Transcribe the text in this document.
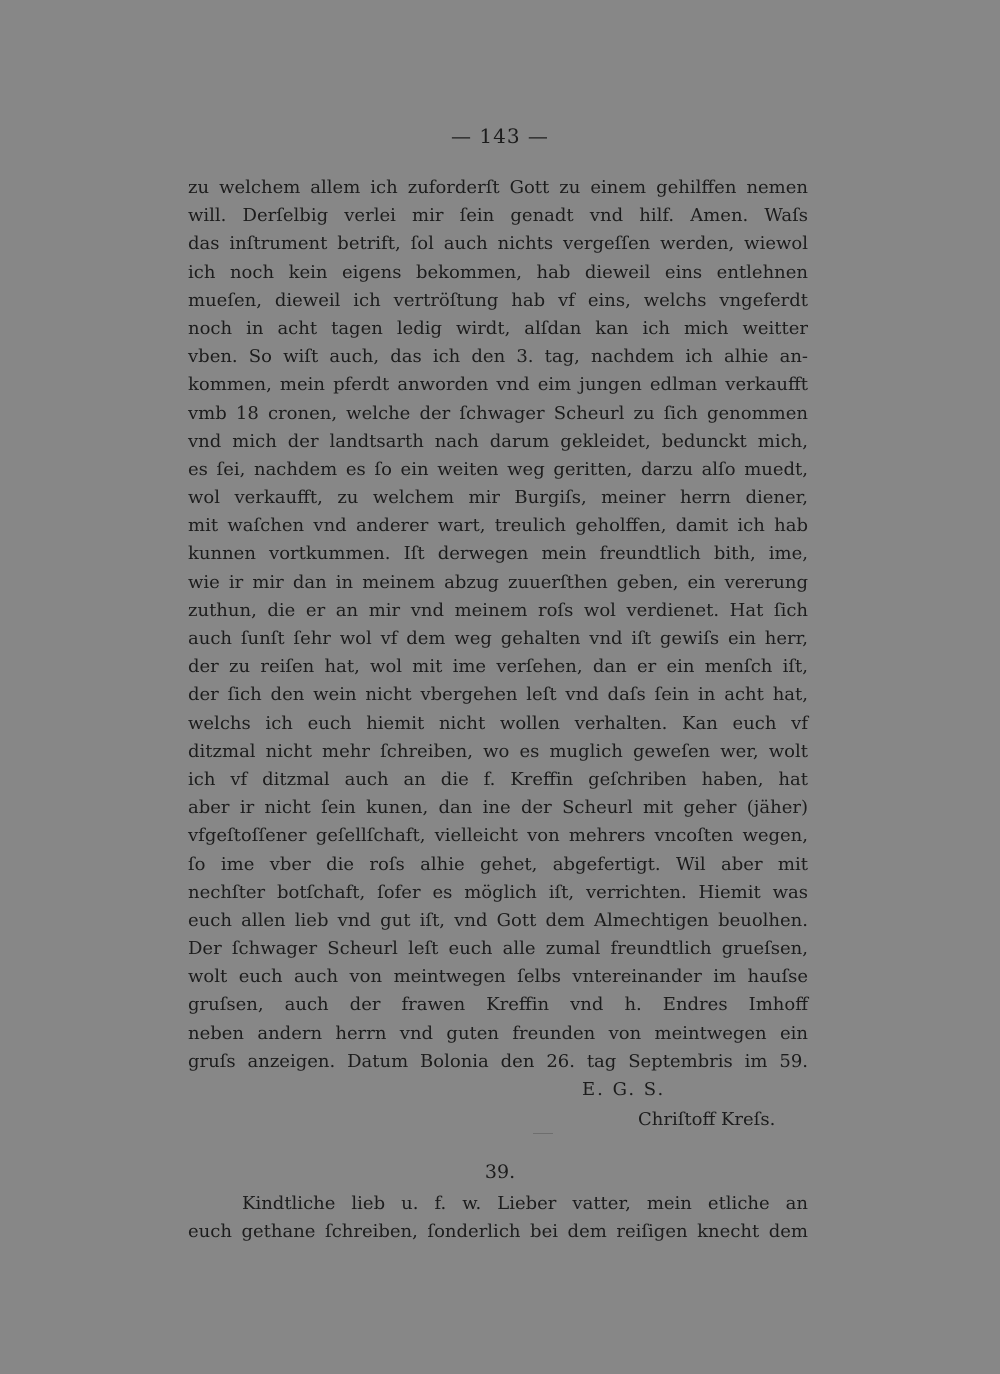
— 143 —
zu welchem allem ich zuforderſt Gott zu einem gehilffen nemen
will. Derſelbig verlei mir ſein genadt vnd hilf. Amen. Waſs
das inſtrument betrift, ſol auch nichts vergeſſen werden, wiewol
ich noch kein eigens bekommen, hab dieweil eins entlehnen
mueſen, dieweil ich vertröſtung hab vf eins, welchs vngeferdt
noch in acht tagen ledig wirdt, alſdan kan ich mich weitter
vben. So wiſt auch, das ich den 3. tag, nachdem ich alhie an-
kommen, mein pferdt anworden vnd eim jungen edlman verkaufft
vmb 18 cronen, welche der ſchwager Scheurl zu ſich genommen
vnd mich der landtsarth nach darum gekleidet, bedunckt mich,
es ſei, nachdem es ſo ein weiten weg geritten, darzu alſo muedt,
wol verkaufft, zu welchem mir Burgiſs, meiner herrn diener,
mit waſchen vnd anderer wart, treulich geholffen, damit ich hab
kunnen vortkummen. Iſt derwegen mein freundtlich bith, ime,
wie ir mir dan in meinem abzug zuuerſthen geben, ein vererung
zuthun, die er an mir vnd meinem roſs wol verdienet. Hat ſich
auch ſunſt ſehr wol vf dem weg gehalten vnd iſt gewiſs ein herr,
der zu reiſen hat, wol mit ime verſehen, dan er ein menſch iſt,
der ſich den wein nicht vbergehen leſt vnd daſs ſein in acht hat,
welchs ich euch hiemit nicht wollen verhalten. Kan euch vf
ditzmal nicht mehr ſchreiben, wo es muglich geweſen wer, wolt
ich vf ditzmal auch an die f. Kreffin geſchriben haben, hat
aber ir nicht ſein kunen, dan ine der Scheurl mit geher (jäher)
vfgeſtoſſener geſellſchaft, vielleicht von mehrers vncoſten wegen,
ſo ime vber die roſs alhie gehet, abgefertigt. Wil aber mit
nechſter botſchaft, ſofer es möglich iſt, verrichten. Hiemit was
euch allen lieb vnd gut iſt, vnd Gott dem Almechtigen beuolhen.
Der ſchwager Scheurl leſt euch alle zumal freundtlich grueſsen,
wolt euch auch von meintwegen ſelbs vntereinander im hauſse
gruſsen, auch der frawen Kreffin vnd h. Endres Imhoff
neben andern herrn vnd guten freunden von meintwegen ein
gruſs anzeigen. Datum Bolonia den 26. tag Septembris im 59.
E. G. S.
Chriſtoff Kreſs.
39.
Kindtliche lieb u. f. w. Lieber vatter, mein etliche an
euch gethane ſchreiben, ſonderlich bei dem reiſigen knecht dem
